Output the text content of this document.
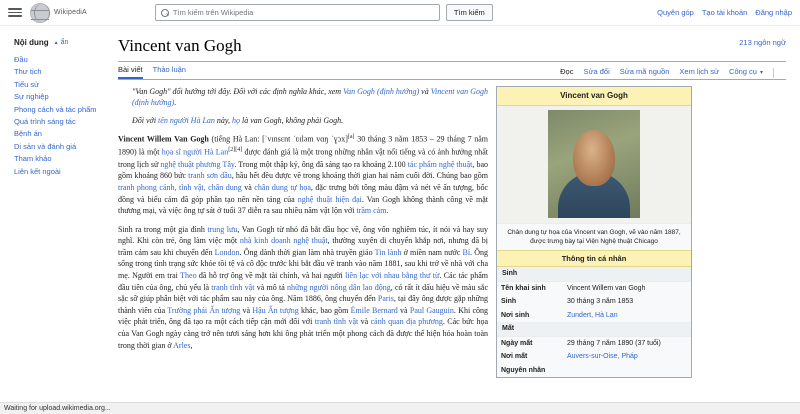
WikipediA	Tìm kiếm trên Wikipedia	Tìm kiếm	Quyên góp Tạo tài khoản Đăng nhập
Nội dung	▲ ẩn
Đầu
Thư tịch
Tiểu sử
Sự nghiệp
Phong cách và tác phẩm
Quá trình sáng tác
Bệnh án
Di sản và đánh giá
Tham khảo
Liên kết ngoài
Vincent van Gogh	213 ngôn ngữ
Bài viết Thảo luận	Đọc Sửa đổi Sửa mã nguồn Xem lịch sử Công cụ ▾
"Van Gogh" đổi hướng tới đây. Đối với các định nghĩa khác, xem Van Gogh (định hướng) và Vincent van Gogh (định hướng).
Đối với tên người Hà Lan này, họ là van Gogh, không phải Gogh.

Vincent Willem Van Gogh (tiếng Hà Lan: [ˈvɪnsɛnt ˈʋɪləm vɑŋ ˈɣɔx][a] 30 tháng 3 năm 1853 – 29 tháng 7 năm 1890) là một họa sĩ người Hà Lan[2][4] được đánh giá là một trong những nhân vật nổi tiếng và có ảnh hưởng nhất trong lịch sử nghệ thuật phương Tây. Trong một thập kỷ, ông đã sáng tạo ra khoảng 2.100 tác phẩm nghệ thuật, bao gồm khoảng 860 bức tranh sơn dầu, hầu hết đều được vẽ trong khoảng thời gian hai năm cuối đời. Chúng bao gồm tranh phong cảnh, tĩnh vật, chân dung và chân dung tự họa, đặc trưng bởi tông màu đậm và nét vẽ ấn tượng, bốc đồng và biểu cảm đã góp phần tạo nên nền tảng của nghệ thuật hiện đại. Van Gogh không thành công về mặt thương mại, và việc ông tự sát ở tuổi 37 diễn ra sau nhiều năm vật lộn với trầm cảm.

Sinh ra trong một gia đình trung lưu, Van Gogh từ nhỏ đã bắt đầu học vẽ, ông vốn nghiêm túc, ít nói và hay suy nghĩ. Khi còn trẻ, ông làm việc một nhà kinh doanh nghệ thuật, thường xuyên di chuyển khắp nơi, nhưng đã bị trầm cảm sau khi chuyển đến London. Ông dành thời gian làm nhà truyền giáo Tin lành ở miền nam nước Bỉ. Ông sống trong tình trạng sức khỏe tồi tệ và cô độc trước khi bắt đầu vẽ tranh vào năm 1881, sau khi trở về nhà với cha mẹ. Người em trai Theo đã hỗ trợ ông về mặt tài chính, và hai người liên lạc với nhau bằng thư từ. Các tác phẩm đầu tiên của ông, chủ yếu là tranh tĩnh vật và mô tả những người nông dân lao động, có rất ít dấu hiệu về màu sắc sặc sỡ giúp phân biệt với tác phẩm sau này của ông. Năm 1886, ông chuyển đến Paris, tại đây ông được gặp những thành viên của Trường phái Ấn tượng và Hậu Ấn tượng khác, bao gồm Émile Bernard và Paul Gauguin. Khi công việc phát triển, ông đã tạo ra một cách tiếp cận mới đối với tranh tĩnh vật và cảnh quan địa phương. Các bức họa của Van Gogh ngày càng trở nên tươi sáng hơn khi ông phát triển một phong cách đã được thể hiện hóa hoàn toàn trong thời gian ở Arles,

Vincent van Gogh
Chân dung tự họa của Vincent van Gogh, vẽ vào năm 1887, được trưng bày tại Viện Nghệ thuật Chicago
Thông tin cá nhân
Sinh
Tên khai sinh	Vincent Willem van Gogh
Sinh	30 tháng 3 năm 1853
Nơi sinh	Zundert, Hà Lan
Mất
Ngày mất	29 tháng 7 năm 1890 (37 tuổi)
Nơi mất	Auvers-sur-Oise, Pháp
Nguyên nhân	
Waiting for upload.wikimedia.org...
